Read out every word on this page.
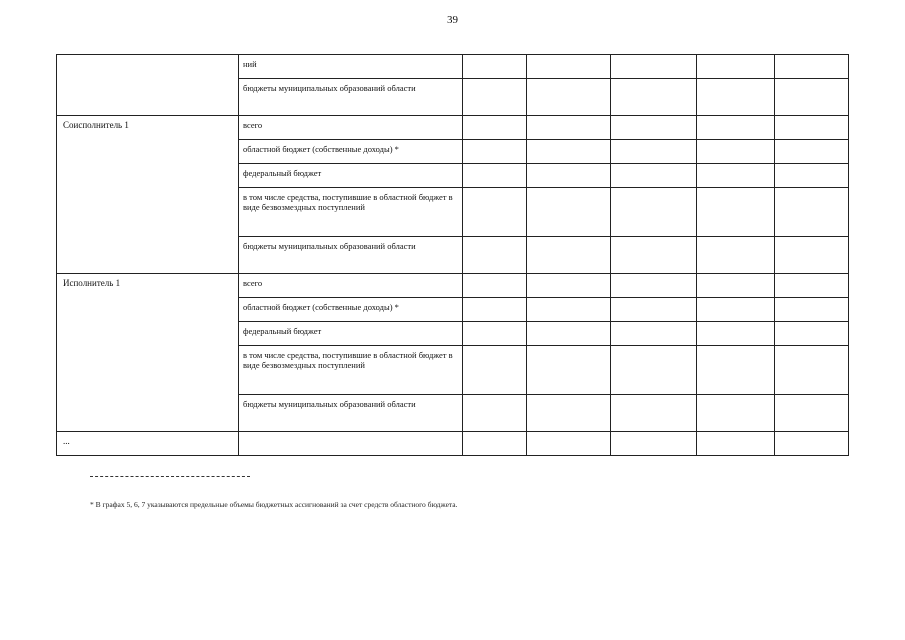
39
	ний					
	бюджеты муниципальных образований области					
Соисполнитель 1	всего					
	областной бюджет (собственные доходы) *					
	федеральный бюджет					
	в том числе средства, поступившие в областной бюджет в виде безвозмездных поступлений					
	бюджеты муниципальных образований области					
Исполнитель 1	всего					
	областной бюджет (собственные доходы) *					
	федеральный бюджет					
	в том числе средства, поступившие в областной бюджет в виде безвозмездных поступлений					
	бюджеты муниципальных образований области					
...						
* В графах 5, 6, 7 указываются предельные объемы бюджетных ассигнований за счет средств областного бюджета.
